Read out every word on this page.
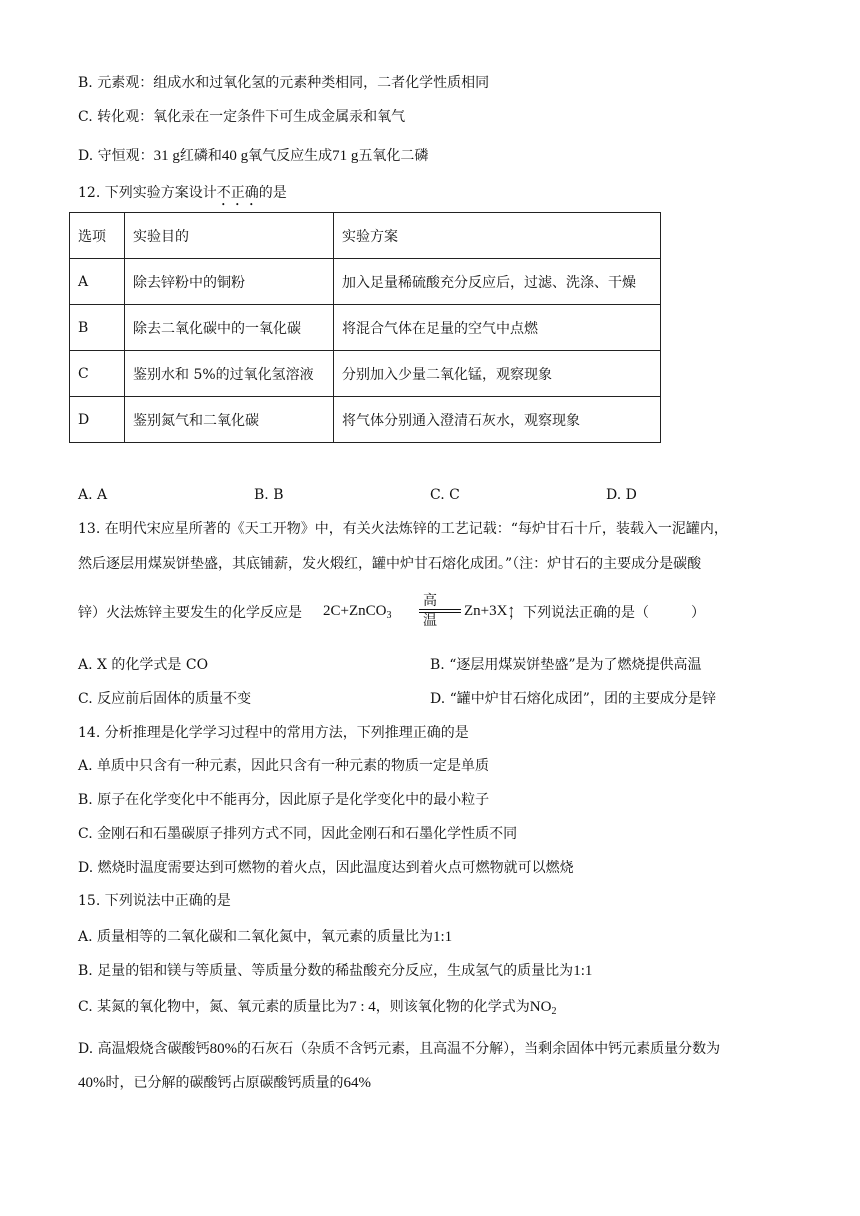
B. 元素观：组成水和过氧化氢的元素种类相同，二者化学性质相同
C. 转化观：氧化汞在一定条件下可生成金属汞和氧气
D. 守恒观：31 g红磷和40 g氧气反应生成71 g五氧化二磷
12. 下列实验方案设计不正确的是
选项	实验目的	实验方案
A	除去锌粉中的铜粉	加入足量稀硫酸充分反应后，过滤、洗涤、干燥
B	除去二氧化碳中的一氧化碳	将混合气体在足量的空气中点燃
C	鉴别水和 5%的过氧化氢溶液	分别加入少量二氧化锰，观察现象
D	鉴别氮气和二氧化碳	将气体分别通入澄清石灰水，观察现象
A. A	B. B	C. C	D. D
13. 在明代宋应星所著的《天工开物》中，有关火法炼锌的工艺记载：“每炉甘石十斤，装载入一泥罐内，
然后逐层用煤炭饼垫盛，其底铺薪，发火煅红，罐中炉甘石熔化成团。”（注：炉甘石的主要成分是碳酸
锌）火法炼锌主要发生的化学反应是 2C+ZnCO$_3$
高温
Zn+3X↑
，下列说法正确的是（　　　）
A. X 的化学式是 CO	B. “逐层用煤炭饼垫盛”是为了燃烧提供高温
C. 反应前后固体的质量不变	D. “罐中炉甘石熔化成团”，团的主要成分是锌
14. 分析推理是化学学习过程中的常用方法，下列推理正确的是
A. 单质中只含有一种元素，因此只含有一种元素的物质一定是单质
B. 原子在化学变化中不能再分，因此原子是化学变化中的最小粒子
C. 金刚石和石墨碳原子排列方式不同，因此金刚石和石墨化学性质不同
D. 燃烧时温度需要达到可燃物的着火点，因此温度达到着火点可燃物就可以燃烧
15. 下列说法中正确的是
A. 质量相等的二氧化碳和二氧化氮中，氧元素的质量比为1:1
B. 足量的铝和镁与等质量、等质量分数的稀盐酸充分反应，生成氢气的质量比为1:1
C. 某氮的氧化物中，氮、氧元素的质量比为7 : 4，则该氧化物的化学式为$NO_2$
D. 高温煅烧含碳酸钙80%的石灰石（杂质不含钙元素，且高温不分解），当剩余固体中钙元素质量分数为
40%时，已分解的碳酸钙占原碳酸钙质量的64%
